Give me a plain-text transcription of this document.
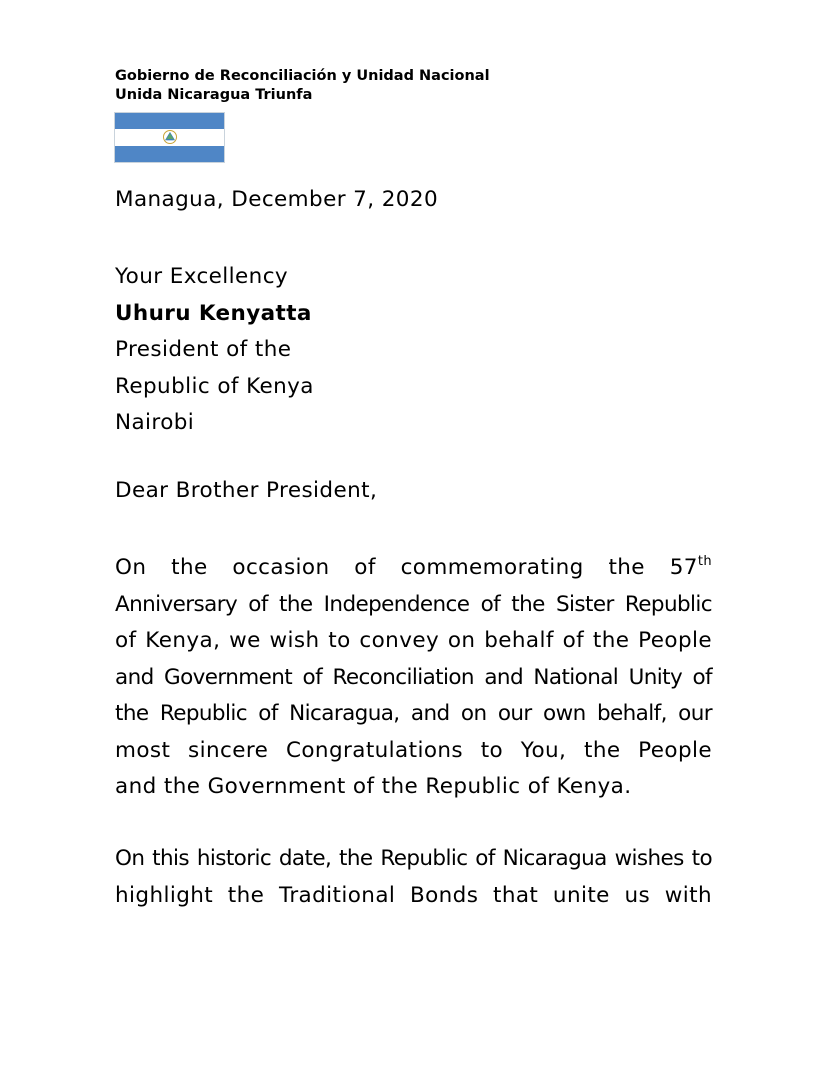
Gobierno de Reconciliación y Unidad Nacional
Unida Nicaragua Triunfa
Managua, December 7, 2020
Your Excellency
Uhuru Kenyatta
President of the
Republic of Kenya
Nairobi
Dear Brother President,
On the occasion of commemorating the 57th
Anniversary of the Independence of the Sister Republic
of Kenya, we wish to convey on behalf of the People
and Government of Reconciliation and National Unity of
the Republic of Nicaragua, and on our own behalf, our
most sincere Congratulations to You, the People
and the Government of the Republic of Kenya.
On this historic date, the Republic of Nicaragua wishes to
highlight the Traditional Bonds that unite us with
